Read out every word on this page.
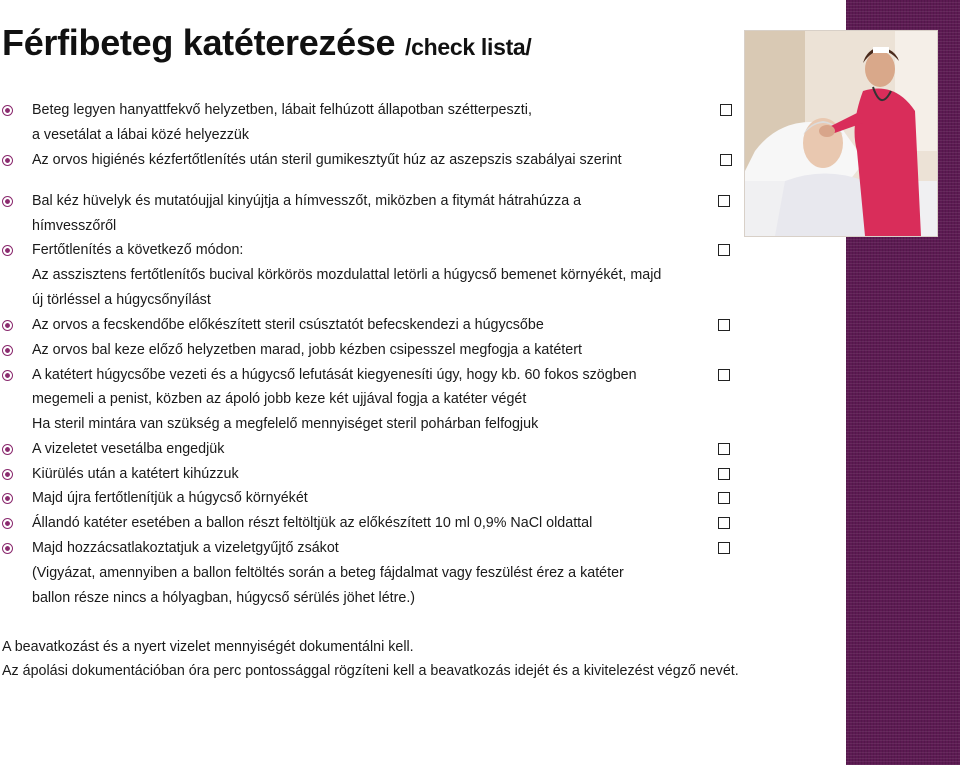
Férfibeteg katéterezése /check lista/
Beteg legyen hanyattfekvő helyzetben, lábait felhúzott állapotban szétterpeszti,
a vesetálat a lábai közé helyezzük
Az orvos higiénés kézfertőtlenítés után steril gumikesztyűt húz az aszepszis szabályai szerint
Bal kéz hüvelyk és mutatóujjal kinyújtja a hímvesszőt, miközben a fitymát hátrahúzza a
hímvesszőről
Fertőtlenítés a következő módon:
Az asszisztens fertőtlenítős bucival körkörös mozdulattal letörli a húgycső bemenet környékét, majd
új törléssel a húgycsőnyílást
Az orvos a fecskendőbe előkészített steril csúsztatót befecskendezi a húgycsőbe
Az orvos bal keze előző helyzetben marad, jobb kézben csipesszel megfogja a katétert
A katétert húgycsőbe vezeti és a húgycső lefutását kiegyenesíti úgy, hogy kb. 60 fokos szögben
megemeli a penist, közben az ápoló jobb keze két ujjával fogja a katéter végét
Ha steril mintára van szükség a megfelelő mennyiséget steril pohárban felfogjuk
A vizeletet vesetálba engedjük
Kiürülés után a katétert kihúzzuk
Majd újra fertőtlenítjük a húgycső környékét
Állandó katéter esetében a ballon részt feltöltjük az előkészített 10 ml 0,9% NaCl oldattal
Majd hozzácsatlakoztatjuk a vizeletgyűjtő zsákot
(Vigyázat, amennyiben a ballon feltöltés során a beteg fájdalmat vagy feszülést érez a katéter
ballon része nincs a hólyagban, húgycső sérülés jöhet létre.)
A beavatkozást és a nyert vizelet mennyiségét dokumentálni kell.
Az ápolási dokumentációban óra perc pontossággal rögzíteni kell a beavatkozás idejét és a kivitelezést végző nevét.
